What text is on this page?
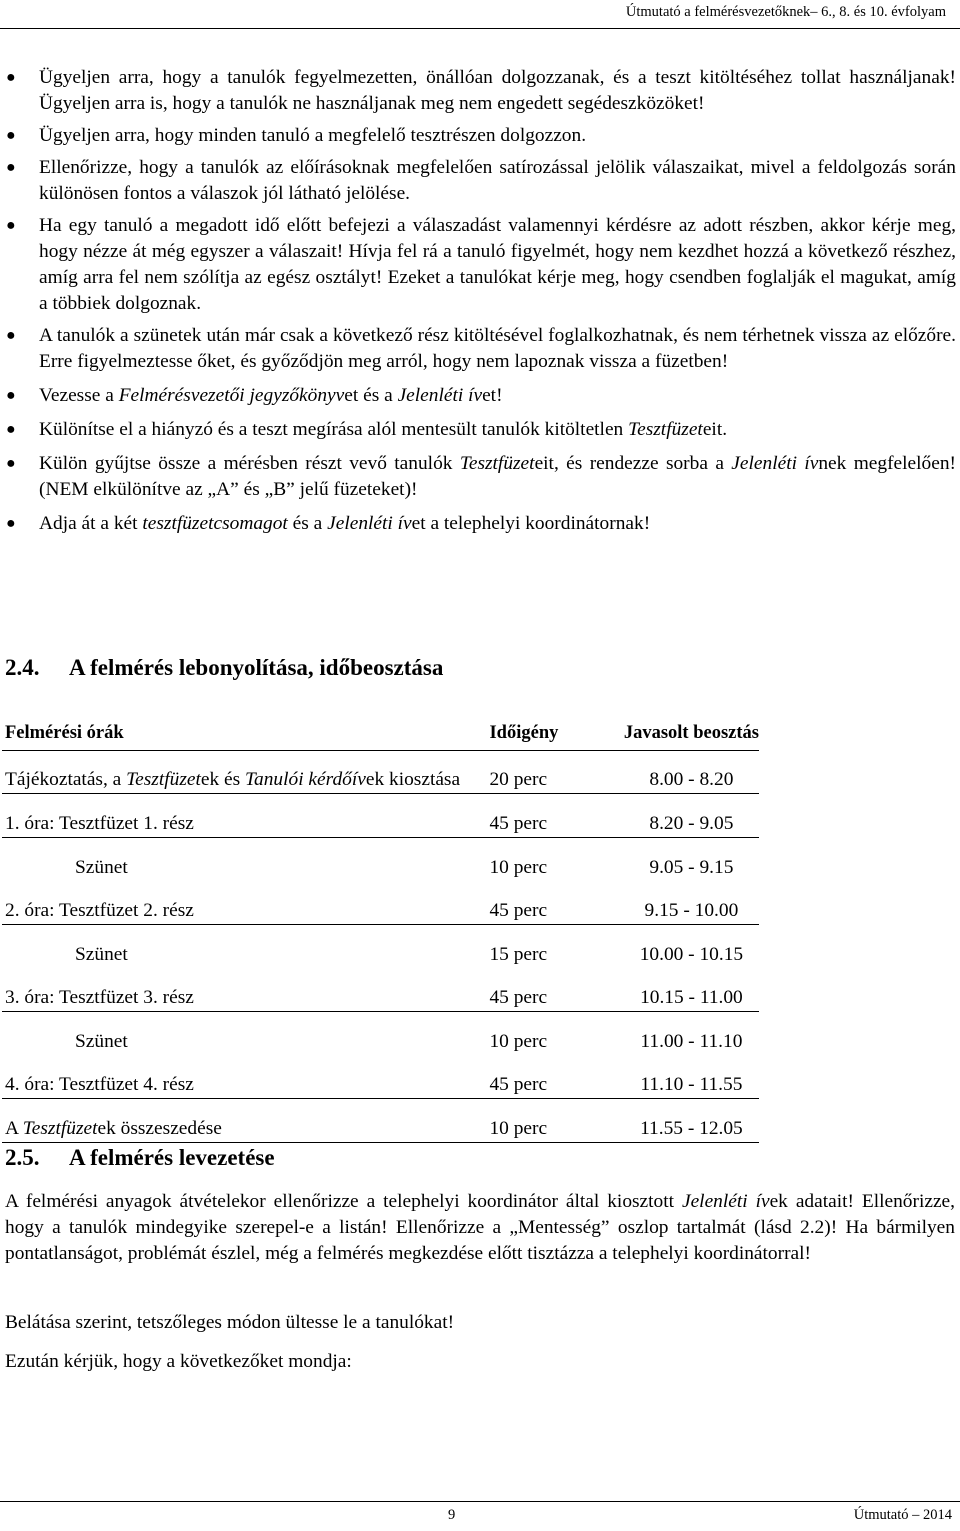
Útmutató a felmérésvezetőknek– 6., 8. és 10. évfolyam
● Ügyeljen arra, hogy a tanulók fegyelmezetten, önállóan dolgozzanak, és a teszt kitöltéséhez tollat használjanak! Ügyeljen arra is, hogy a tanulók ne használjanak meg nem engedett segédeszközöket!
● Ügyeljen arra, hogy minden tanuló a megfelelő tesztrészen dolgozzon.
● Ellenőrizze, hogy a tanulók az előírásoknak megfelelően satírozással jelölik válaszaikat, mivel a feldolgozás során különösen fontos a válaszok jól látható jelölése.
● Ha egy tanuló a megadott idő előtt befejezi a válaszadást valamennyi kérdésre az adott részben, akkor kérje meg, hogy nézze át még egyszer a válaszait! Hívja fel rá a tanuló figyelmét, hogy nem kezdhet hozzá a következő részhez, amíg arra fel nem szólítja az egész osztályt! Ezeket a tanulókat kérje meg, hogy csendben foglalják el magukat, amíg a többiek dolgoznak.
● A tanulók a szünetek után már csak a következő rész kitöltésével foglalkozhatnak, és nem térhetnek vissza az előzőre. Erre figyelmeztesse őket, és győződjön meg arról, hogy nem lapoznak vissza a füzetben!
● Vezesse a Felmérésvezetői jegyzőkönyvet és a Jelenléti ívet!
● Különítse el a hiányzó és a teszt megírása alól mentesült tanulók kitöltetlen Tesztfüzeteit.
● Külön gyűjtse össze a mérésben részt vevő tanulók Tesztfüzeteit, és rendezze sorba a Jelenléti ívnek megfelelően! (NEM elkülönítve az „A” és „B” jelű füzeteket)!
● Adja át a két tesztfüzetcsomagot és a Jelenléti ívet a telephelyi koordinátornak!
2.4. A felmérés lebonyolítása, időbeosztása
Felmérési órák	Időigény	Javasolt beosztás
Tájékoztatás, a Tesztfüzetek és Tanulói kérdőívek kiosztása	20 perc	8.00 - 8.20
1. óra: Tesztfüzet 1. rész	45 perc	8.20 - 9.05
Szünet	10 perc	9.05 - 9.15
2. óra: Tesztfüzet 2. rész	45 perc	9.15 - 10.00
Szünet	15 perc	10.00 - 10.15
3. óra: Tesztfüzet 3. rész	45 perc	10.15 - 11.00
Szünet	10 perc	11.00 - 11.10
4. óra: Tesztfüzet 4. rész	45 perc	11.10 - 11.55
A Tesztfüzetek összeszedése	10 perc	11.55 - 12.05
2.5. A felmérés levezetése
A felmérési anyagok átvételekor ellenőrizze a telephelyi koordinátor által kiosztott Jelenléti ívek adatait! Ellenőrizze, hogy a tanulók mindegyike szerepel-e a listán! Ellenőrizze a „Mentesség” oszlop tartalmát (lásd 2.2)! Ha bármilyen pontatlanságot, problémát észlel, még a felmérés megkezdése előtt tisztázza a telephelyi koordinátorral!
Belátása szerint, tetszőleges módon ültesse le a tanulókat!
Ezután kérjük, hogy a következőket mondja:
9	Útmutató – 2014
